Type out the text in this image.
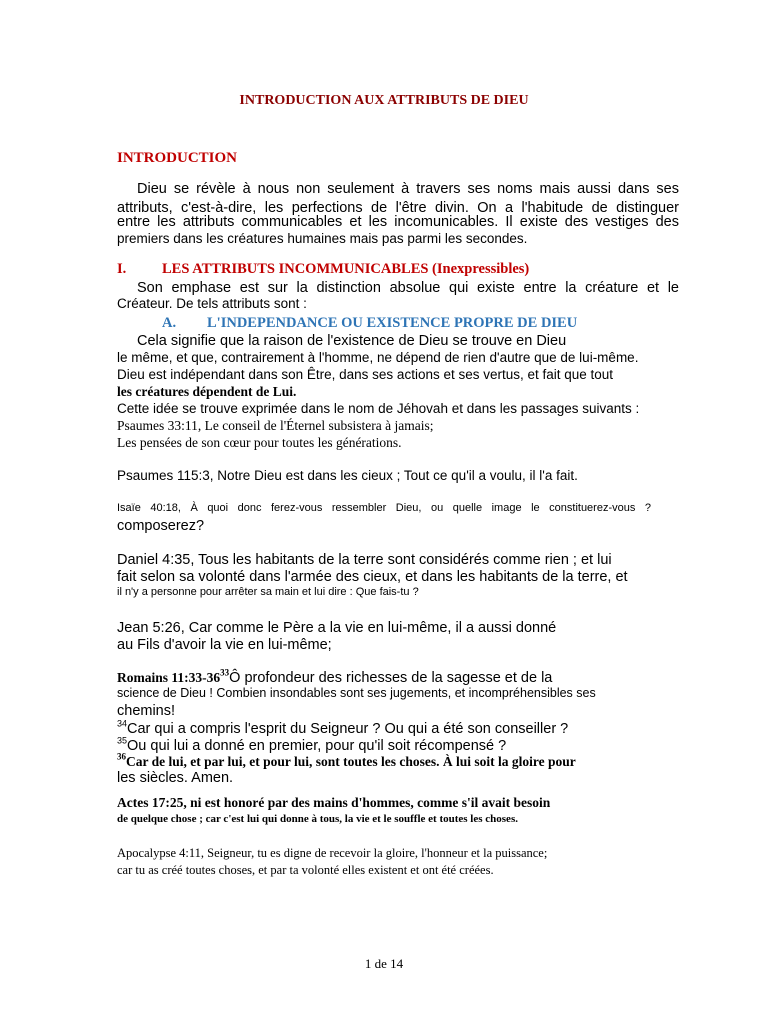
INTRODUCTION AUX ATTRIBUTS DE DIEU
INTRODUCTION
Dieu se révèle à nous non seulement à travers ses noms mais aussi dans ses
attributs, c'est-à-dire, les perfections de l'être divin. On a l'habitude de distinguer
entre les attributs communicables et les incomunicables. Il existe des vestiges des
premiers dans les créatures humaines mais pas parmi les secondes.
I. LES ATTRIBUTS INCOMMUNICABLES (Inexpressibles)
Son emphase est sur la distinction absolue qui existe entre la créature et le
Créateur. De tels attributs sont :
A. L'INDEPENDANCE OU EXISTENCE PROPRE DE DIEU
Cela signifie que la raison de l'existence de Dieu se trouve en Dieu
le même, et que, contrairement à l'homme, ne dépend de rien d'autre que de lui-même.
Dieu est indépendant dans son Être, dans ses actions et ses vertus, et fait que tout
les créatures dépendent de Lui.
Cette idée se trouve exprimée dans le nom de Jéhovah et dans les passages suivants :
Psaumes 33:11, Le conseil de l'Éternel subsistera à jamais;
Les pensées de son cœur pour toutes les générations.
Psaumes 115:3, Notre Dieu est dans les cieux ; Tout ce qu'il a voulu, il l'a fait.
Isaïe 40:18, À quoi donc ferez-vous ressembler Dieu, ou quelle image le constituerez-vous ?
composerez?
Daniel 4:35, Tous les habitants de la terre sont considérés comme rien ; et lui
fait selon sa volonté dans l'armée des cieux, et dans les habitants de la terre, et
il n'y a personne pour arrêter sa main et lui dire : Que fais-tu ?
Jean 5:26, Car comme le Père a la vie en lui-même, il a aussi donné
au Fils d'avoir la vie en lui-même;
Romains $11:33-36^{33}Ô$ profondeur des richesses de la sagesse et de la
science de Dieu ! Combien insondables sont ses jugements, et incompréhensibles ses
chemins!
$^{34}$Car qui a compris l'esprit du Seigneur ? Ou qui a été son conseiller ?
$^{35}$Ou qui lui a donné en premier, pour qu'il soit récompensé ?
$^{36}$Car de lui, et par lui, et pour lui, sont toutes les choses. À lui soit la gloire pour
les siècles. Amen.
Actes 17:25, ni est honoré par des mains d'hommes, comme s'il avait besoin
de quelque chose ; car c'est lui qui donne à tous, la vie et le souffle et toutes les choses.
Apocalypse 4:11, Seigneur, tu es digne de recevoir la gloire, l'honneur et la puissance;
car tu as créé toutes choses, et par ta volonté elles existent et ont été créées.
1 de 14
